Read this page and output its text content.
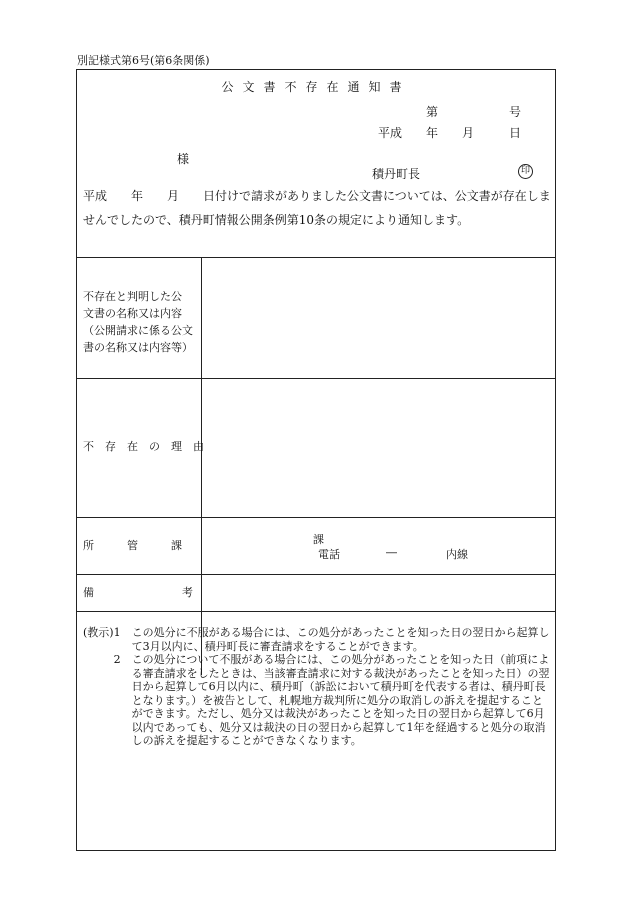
別記様式第6号(第6条関係)
公文書不存在通知書
第	号
平成 年 月	日
様
積丹町長	印
平成　　年　　月　　日付けで請求がありました公文書については、公文書が存在しま
せんでしたので、積丹町情報公開条例第10条の規定により通知します。
不存在と判明した公
文書の名称又は内容
（公開請求に係る公文
書の名称又は内容等）
不　存　在　の　理　由
所　　　管　　　課	課
電話	―	内線
備　　　　　　　　考
(教示)1　	この処分に不服がある場合には、この処分があったことを知った日の翌日から起算して3月以内に、積丹町長に審査請求をすることができます。
2　	この処分について不服がある場合には、この処分があったことを知った日（前項による審査請求をしたときは、当該審査請求に対する裁決があったことを知った日）の翌日から起算して6月以内に、積丹町（訴訟において積丹町を代表する者は、積丹町長となります。）を被告として、札幌地方裁判所に処分の取消しの訴えを提起することができます。ただし、処分又は裁決があったことを知った日の翌日から起算して6月以内であっても、処分又は裁決の日の翌日から起算して1年を経過すると処分の取消しの訴えを提起することができなくなります。
